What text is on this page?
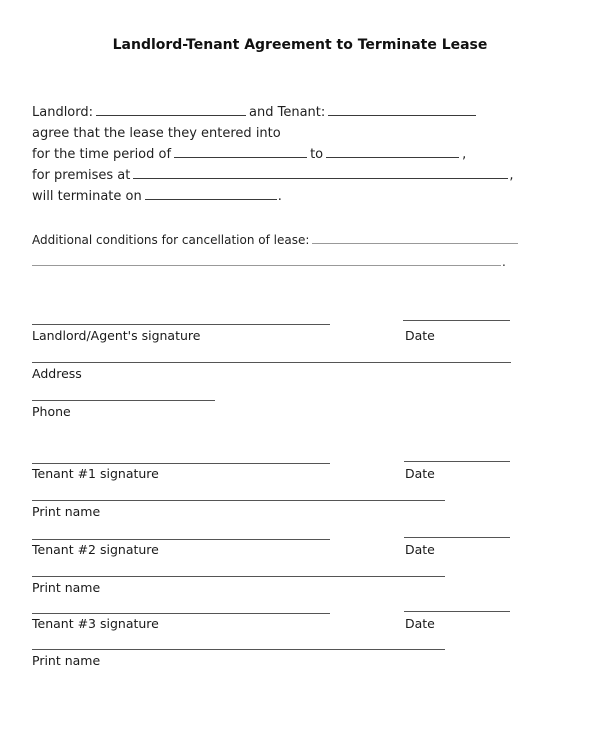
Landlord-Tenant Agreement to Terminate Lease
Landlord:	and Tenant:
agree that the lease they entered into
for the time period of	to	,
for premises at	,
will terminate on	.
Additional conditions for cancellation of lease:
.
Landlord/Agent's signature	Date
Address
Phone
Tenant #1 signature	Date
Print name
Tenant #2 signature	Date
Print name
Tenant #3 signature	Date
Print name
